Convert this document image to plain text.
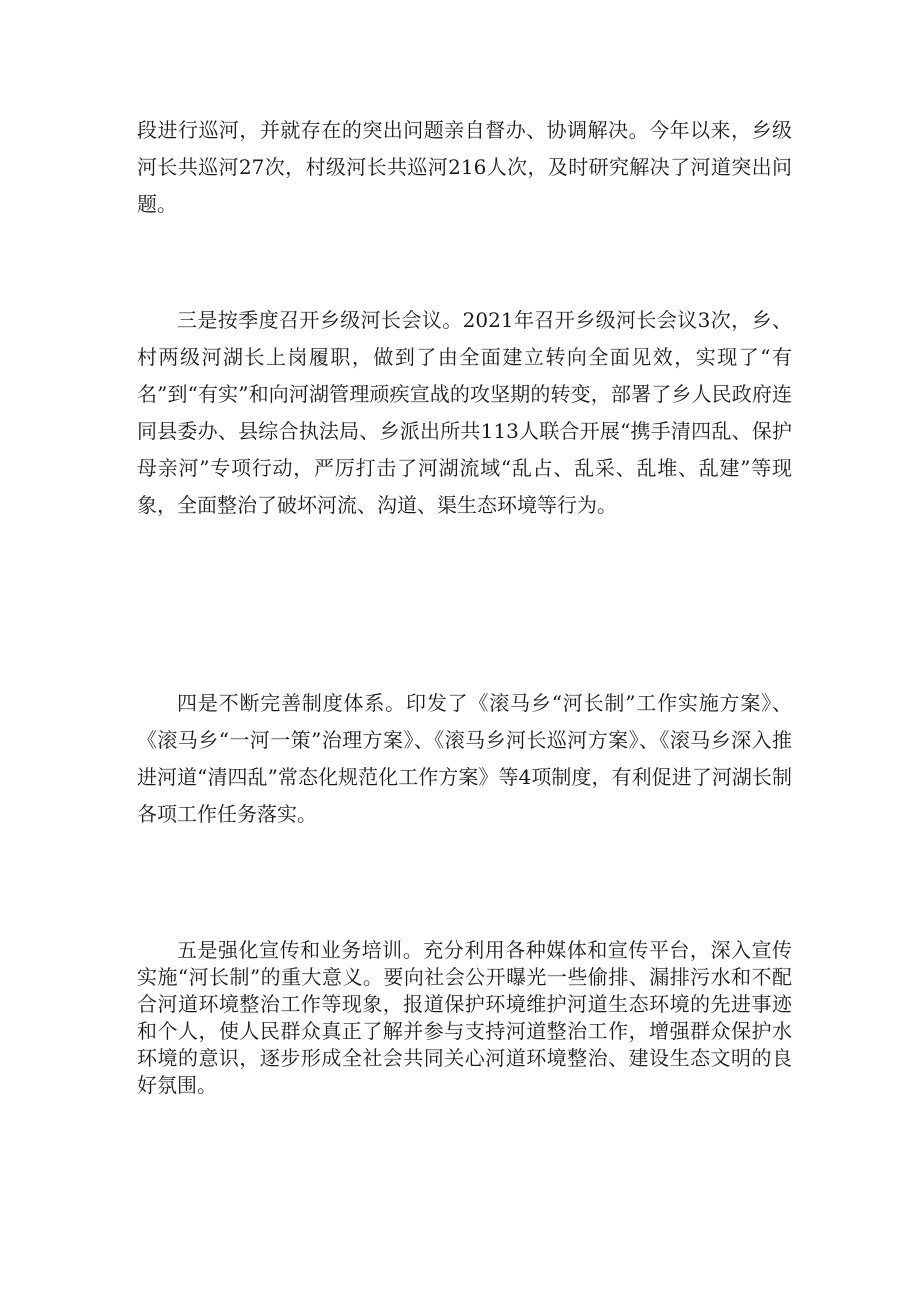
段进行巡河，并就存在的突出问题亲自督办、协调解决。今年以来，乡级河长共巡河27次，村级河长共巡河216人次，及时研究解决了河道突出问题。

三是按季度召开乡级河长会议。2021年召开乡级河长会议3次，乡、村两级河湖长上岗履职，做到了由全面建立转向全面见效，实现了“有名”到“有实”和向河湖管理顽疾宣战的攻坚期的转变，部署了乡人民政府连同县委办、县综合执法局、乡派出所共113人联合开展“携手清四乱、保护母亲河”专项行动，严厉打击了河湖流域“乱占、乱采、乱堆、乱建”等现象，全面整治了破坏河流、沟道、渠生态环境等行为。

四是不断完善制度体系。印发了《滚马乡“河长制”工作实施方案》、《滚马乡“一河一策”治理方案》、《滚马乡河长巡河方案》、《滚马乡深入推进河道“清四乱”常态化规范化工作方案》等4项制度，有利促进了河湖长制各项工作任务落实。

五是强化宣传和业务培训。充分利用各种媒体和宣传平台，深入宣传实施“河长制”的重大意义。要向社会公开曝光一些偷排、漏排污水和不配合河道环境整治工作等现象，报道保护环境维护河道生态环境的先进事迹和个人，使人民群众真正了解并参与支持河道整治工作，增强群众保护水环境的意识，逐步形成全社会共同关心河道环境整治、建设生态文明的良好氛围。
